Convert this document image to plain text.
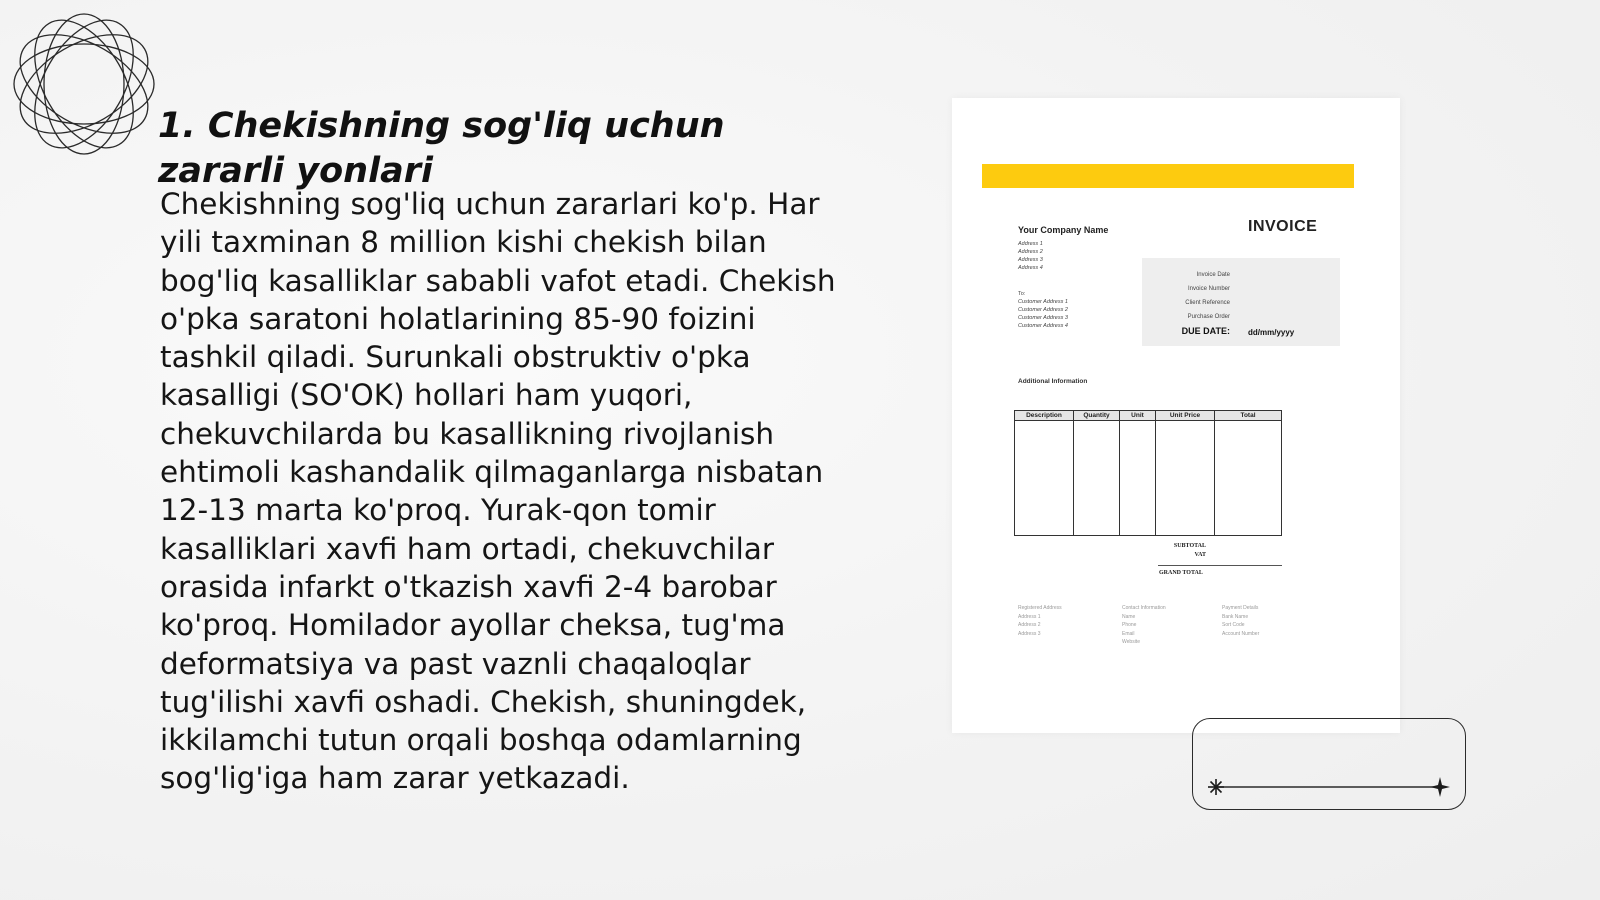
1. Chekishning sog'liq uchun zararli yonlari

Chekishning sog'liq uchun zararlari ko'p. Har yili taxminan 8 million kishi chekish bilan bog'liq kasalliklar sababli vafot etadi. Chekish o'pka saratoni holatlarining 85-90 foizini tashkil qiladi. Surunkali obstruktiv o'pka kasalligi (SO'OK) hollari ham yuqori, chekuvchilarda bu kasallikning rivojlanish ehtimoli kashandalik qilmaganlarga nisbatan 12-13 marta ko'proq. Yurak-qon tomir kasalliklari xavfi ham ortadi, chekuvchilar orasida infarkt o'tkazish xavfi 2-4 barobar ko'proq. Homilador ayollar cheksa, tug'ma deformatsiya va past vaznli chaqaloqlar tug'ilishi xavfi oshadi. Chekish, shuningdek, ikkilamchi tutun orqali boshqa odamlarning sog'lig'iga ham zarar yetkazadi.

Your Company Name	INVOICE
Address 1
Address 2
Address 3
Address 4
To:
Customer Address 1
Customer Address 2
Customer Address 3
Customer Address 4
Invoice Date
Invoice Number
Client Reference
Purchase Order
DUE DATE: dd/mm/yyyy
Additional Information
Description	Quantity	Unit	Unit Price	Total

SUBTOTAL
VAT
GRAND TOTAL
Registered Address
Address 1
Address 2
Address 3
Contact Information
Name
Phone
Email
Website
Payment Details
Bank Name
Sort Code
Account Number
